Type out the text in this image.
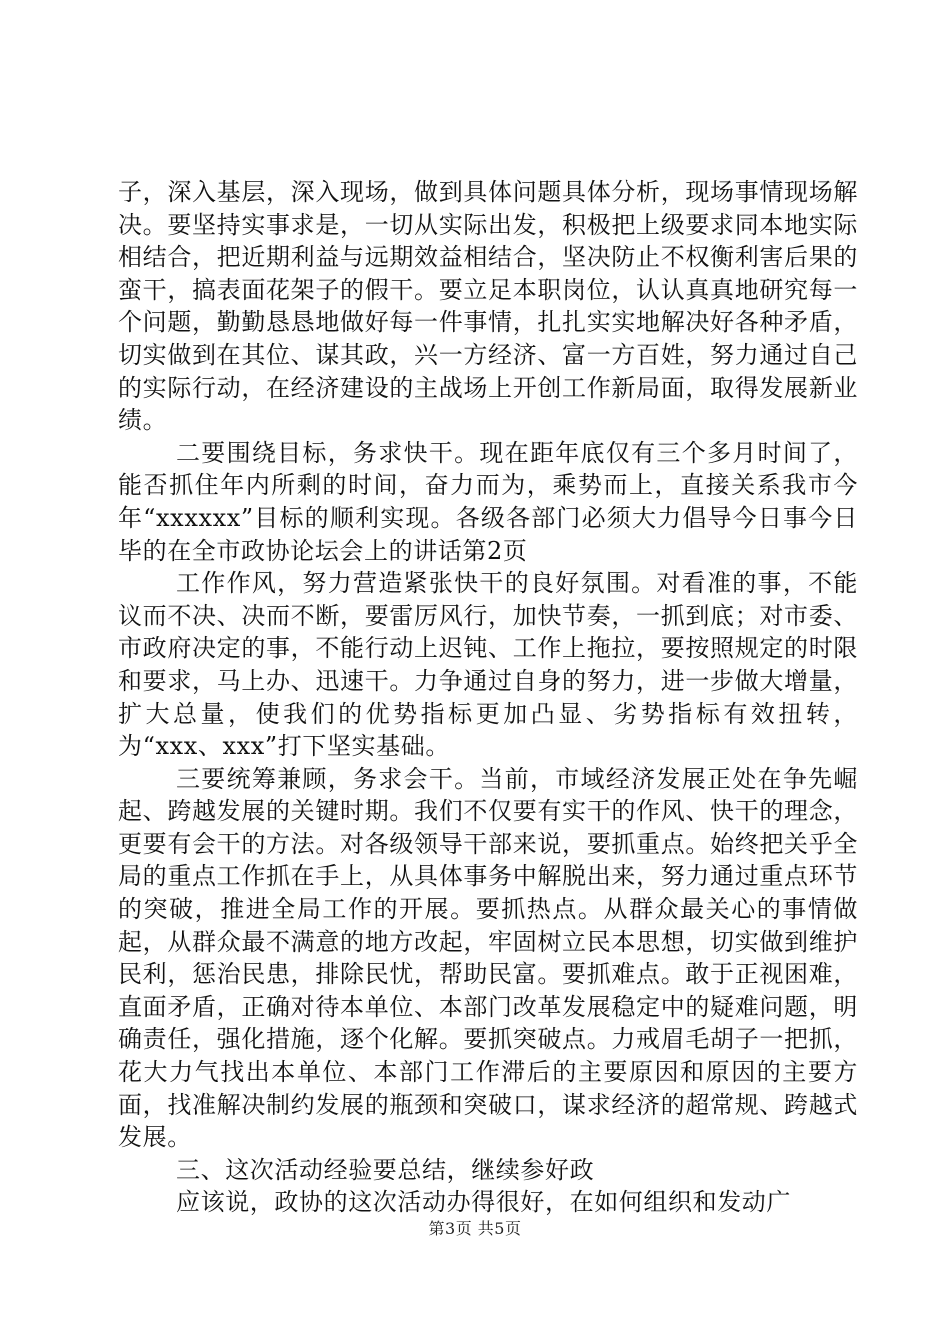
子，深入基层，深入现场，做到具体问题具体分析，现场事情现场解决。要坚持实事求是，一切从实际出发，积极把上级要求同本地实际相结合，把近期利益与远期效益相结合，坚决防止不权衡利害后果的蛮干，搞表面花架子的假干。要立足本职岗位，认认真真地研究每一个问题，勤勤恳恳地做好每一件事情，扎扎实实地解决好各种矛盾，切实做到在其位、谋其政，兴一方经济、富一方百姓，努力通过自己的实际行动，在经济建设的主战场上开创工作新局面，取得发展新业绩。

二要围绕目标，务求快干。现在距年底仅有三个多月时间了，能否抓住年内所剩的时间，奋力而为，乘势而上，直接关系我市今年“xxxxxx”目标的顺利实现。各级各部门必须大力倡导今日事今日毕的在全市政协论坛会上的讲话第2页

工作作风，努力营造紧张快干的良好氛围。对看准的事，不能议而不决、决而不断，要雷厉风行，加快节奏，一抓到底；对市委、市政府决定的事，不能行动上迟钝、工作上拖拉，要按照规定的时限和要求，马上办、迅速干。力争通过自身的努力，进一步做大增量，扩大总量，使我们的优势指标更加凸显、劣势指标有效扭转，为“xxx、xxx”打下坚实基础。

三要统筹兼顾，务求会干。当前，市域经济发展正处在争先崛起、跨越发展的关键时期。我们不仅要有实干的作风、快干的理念，更要有会干的方法。对各级领导干部来说，要抓重点。始终把关乎全局的重点工作抓在手上，从具体事务中解脱出来，努力通过重点环节的突破，推进全局工作的开展。要抓热点。从群众最关心的事情做起，从群众最不满意的地方改起，牢固树立民本思想，切实做到维护民利，惩治民患，排除民忧，帮助民富。要抓难点。敢于正视困难，直面矛盾，正确对待本单位、本部门改革发展稳定中的疑难问题，明确责任，强化措施，逐个化解。要抓突破点。力戒眉毛胡子一把抓，花大力气找出本单位、本部门工作滞后的主要原因和原因的主要方面，找准解决制约发展的瓶颈和突破口，谋求经济的超常规、跨越式发展。

三、这次活动经验要总结，继续参好政

应该说，政协的这次活动办得很好，在如何组织和发动广

第3页 共5页
